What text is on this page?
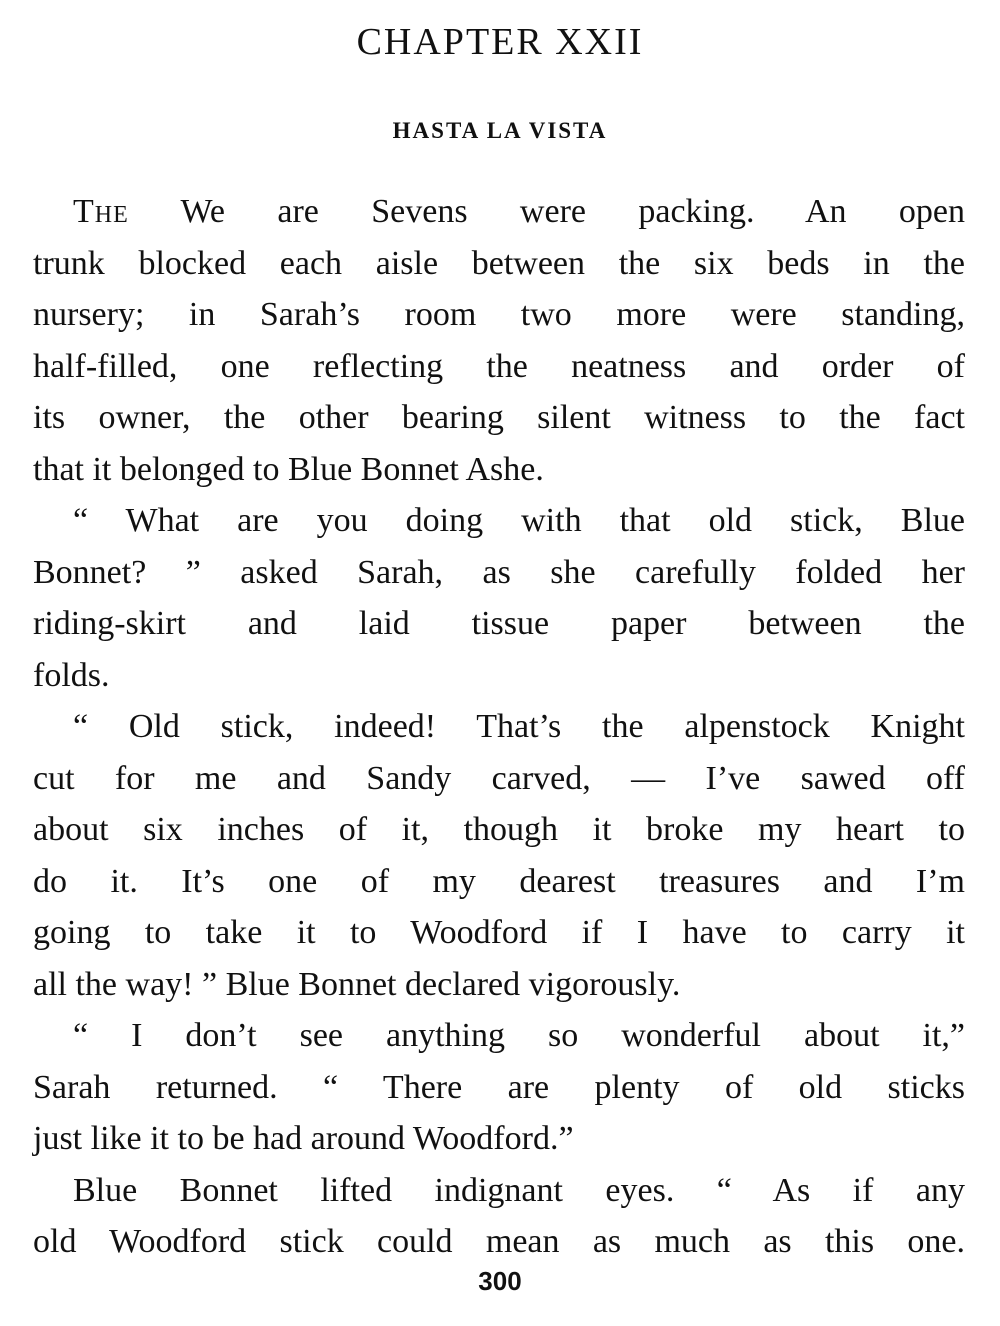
CHAPTER XXII
HASTA LA VISTA
The We are Sevens were packing. An open
trunk blocked each aisle between the six beds in the
nursery; in Sarah’s room two more were standing,
half-filled, one reflecting the neatness and order of
its owner, the other bearing silent witness to the fact
that it belonged to Blue Bonnet Ashe.
“ What are you doing with that old stick, Blue
Bonnet? ” asked Sarah, as she carefully folded her
riding-skirt and laid tissue paper between the
folds.
“ Old stick, indeed! That’s the alpenstock Knight
cut for me and Sandy carved, — I’ve sawed off
about six inches of it, though it broke my heart to
do it. It’s one of my dearest treasures and I’m
going to take it to Woodford if I have to carry it
all the way! ” Blue Bonnet declared vigorously.
“ I don’t see anything so wonderful about it,”
Sarah returned. “ There are plenty of old sticks
just like it to be had around Woodford.”
Blue Bonnet lifted indignant eyes. “ As if any
old Woodford stick could mean as much as this one.
300
